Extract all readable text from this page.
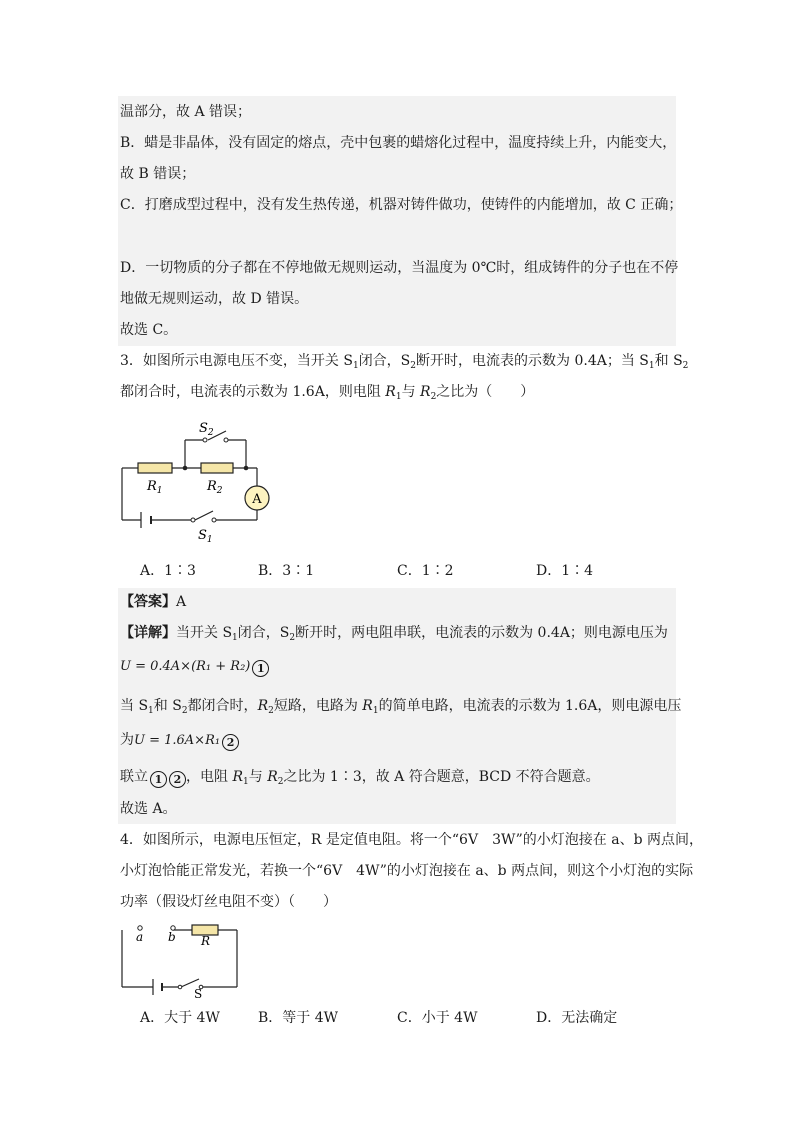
温部分，故 A 错误；
B．蜡是非晶体，没有固定的熔点，壳中包裹的蜡熔化过程中，温度持续上升，内能变大，
故 B 错误；
C．打磨成型过程中，没有发生热传递，机器对铸件做功，使铸件的内能增加，故 C 正确；
D．一切物质的分子都在不停地做无规则运动，当温度为 0℃时，组成铸件的分子也在不停
地做无规则运动，故 D 错误。
故选 C。
3．如图所示电源电压不变，当开关 $S_1$闭合，$S_2$断开时，电流表的示数为 0.4A；当 $S_1$和 $S_2$
都闭合时，电流表的示数为 1.6A，则电阻 $R_1$与 $R_2$之比为（　　）
A
$S_2$
$R_1$	$R_2$
$S_1$
A．1∶3	B．3∶1	C．1∶2	D．1∶4
【答案】A
【详解】当开关 $S_1$闭合，$S_2$断开时，两电阻串联，电流表的示数为 0.4A；则电源电压为
U = 0.4A×(R₁ + R₂) 1
当 $S_1$和 $S_2$都闭合时，$R_2$短路，电路为 $R_1$的简单电路，电流表的示数为 1.6A，则电源电压
为U = 1.6A×R₁ 2
联立 1 2 ，电阻 $R_1$与 $R_2$之比为 1∶3，故 A 符合题意，BCD 不符合题意。
故选 A。
4．如图所示，电源电压恒定，R 是定值电阻。将一个“6V　3W”的小灯泡接在 a、b 两点间，
小灯泡恰能正常发光，若换一个“6V　4W”的小灯泡接在 a、b 两点间，则这个小灯泡的实际
功率（假设灯丝电阻不变）（　　）
a b R
S
A．大于 4W	B．等于 4W	C．小于 4W	D．无法确定
